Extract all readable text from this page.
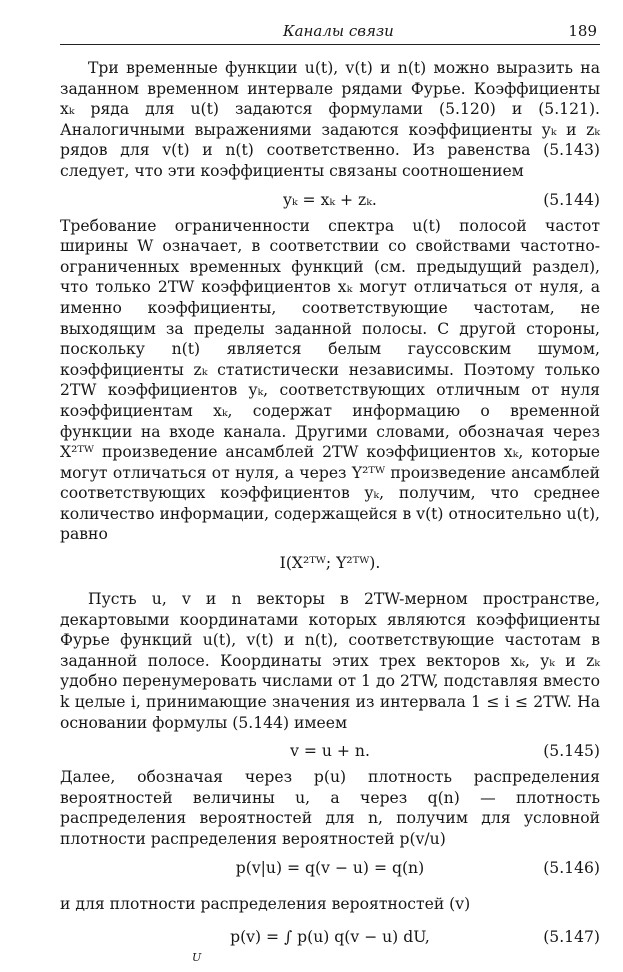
Каналы связи	189

Три временные функции u(t), v(t) и n(t) можно выразить на заданном временном интервале рядами Фурье. Коэффициенты xₖ ряда для u(t) задаются формулами (5.120) и (5.121). Аналогичными выражениями задаются коэффициенты yₖ и zₖ рядов для v(t) и n(t) соответственно. Из равенства (5.143) следует, что эти коэффициенты связаны соотношением

yₖ = xₖ + zₖ.	(5.144)

Требование ограниченности спектра u(t) полосой частот ширины W означает, в соответствии со свойствами частотно-ограниченных временных функций (см. предыдущий раздел), что только 2TW коэффициентов xₖ могут отличаться от нуля, а именно коэффициенты, соответствующие частотам, не выходящим за пределы заданной полосы. С другой стороны, поскольку n(t) является белым гауссовским шумом, коэффициенты zₖ статистически независимы. Поэтому только 2TW коэффициентов yₖ, соответствующих отличным от нуля коэффициентам xₖ, содержат информацию о временной функции на входе канала. Другими словами, обозначая через X²ᵀᵂ произведение ансамблей 2TW коэффициентов xₖ, которые могут отличаться от нуля, а через Y²ᵀᵂ произведение ансамблей соответствующих коэффициентов yₖ, получим, что среднее количество информации, содержащейся в v(t) относительно u(t), равно

I(X²ᵀᵂ; Y²ᵀᵂ).

Пусть u, v и n векторы в 2TW-мерном пространстве, декартовыми координатами которых являются коэффициенты Фурье функций u(t), v(t) и n(t), соответствующие частотам в заданной полосе. Координаты этих трех векторов xₖ, yₖ и zₖ удобно перенумеровать числами от 1 до 2TW, подставляя вместо k целые i, принимающие значения из интервала 1 ≤ i ≤ 2TW. На основании формулы (5.144) имеем

v = u + n.	(5.145)

Далее, обозначая через p(u) плотность распределения вероятностей величины u, а через q(n) — плотность распределения вероятностей для n, получим для условной плотности распределения вероятностей p(v/u)

p(v|u) = q(v − u) = q(n)	(5.146)

и для плотности распределения вероятностей (v)

p(v) = ∫ p(u) q(v − u) dU,	(5.147)
U
